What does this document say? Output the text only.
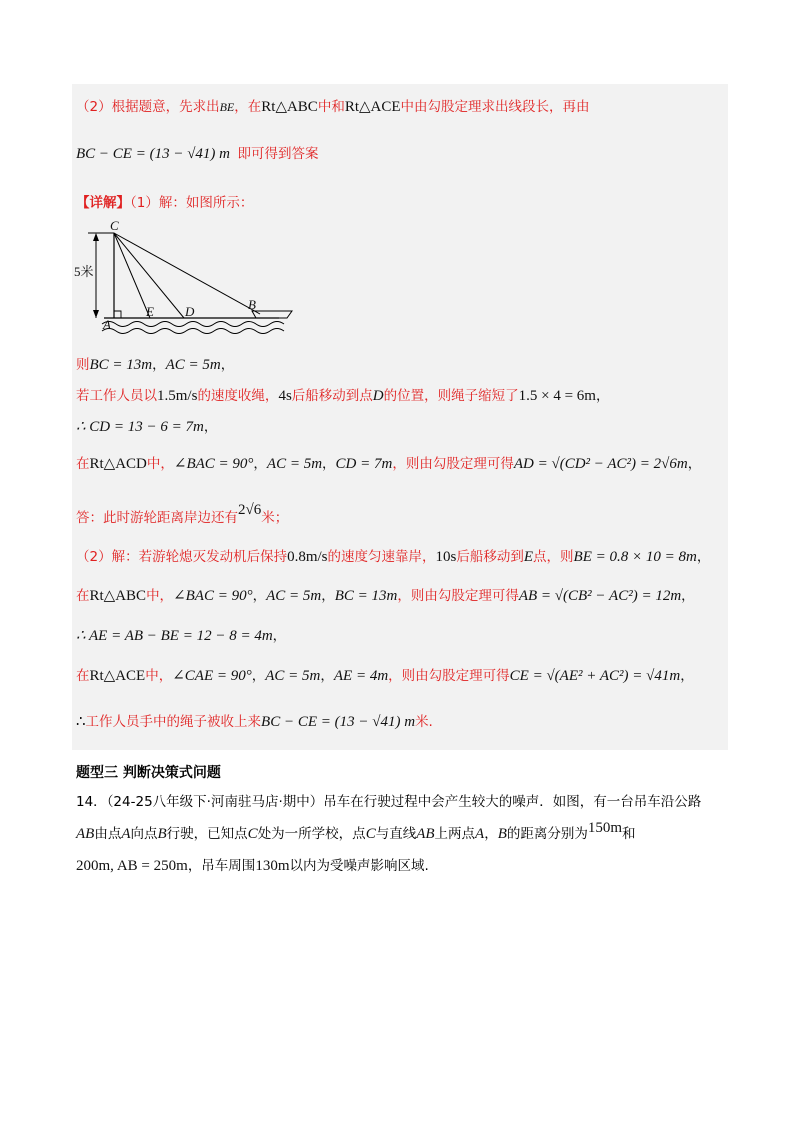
（2）根据题意，先求出BE，在Rt△ABC中和Rt△ACE中由勾股定理求出线段长，再由
BC − CE = (13 − √41) m 即可得到答案
【详解】（1）解：如图所示：
5米
C
A
E D	B
则BC = 13m，AC = 5m，
若工作人员以1.5m/s的速度收绳，4s后船移动到点D的位置，则绳子缩短了1.5 × 4 = 6m，
∴ CD = 13 − 6 = 7m，
在Rt△ACD中，∠BAC = 90°，AC = 5m，CD = 7m，则由勾股定理可得AD = √(CD² − AC²) = 2√6m，
答：此时游轮距离岸边还有2√6米；
（2）解：若游轮熄灭发动机后保持0.8m/s的速度匀速靠岸，10s后船移动到E点，则BE = 0.8 × 10 = 8m，
在Rt△ABC中，∠BAC = 90°，AC = 5m，BC = 13m，则由勾股定理可得AB = √(CB² − AC²) = 12m，
∴ AE = AB − BE = 12 − 8 = 4m，
在Rt△ACE中，∠CAE = 90°，AC = 5m，AE = 4m，则由勾股定理可得CE = √(AE² + AC²) = √41m，
∴工作人员手中的绳子被收上来BC − CE = (13 − √41) m米.
题型三 判断决策式问题
14．（24-25八年级下·河南驻马店·期中）吊车在行驶过程中会产生较大的噪声．如图，有一台吊车沿公路
AB由点A向点B行驶，已知点C处为一所学校，点C与直线AB上两点A，B的距离分别为150m和
200m, AB = 250m，吊车周围130m以内为受噪声影响区域.
